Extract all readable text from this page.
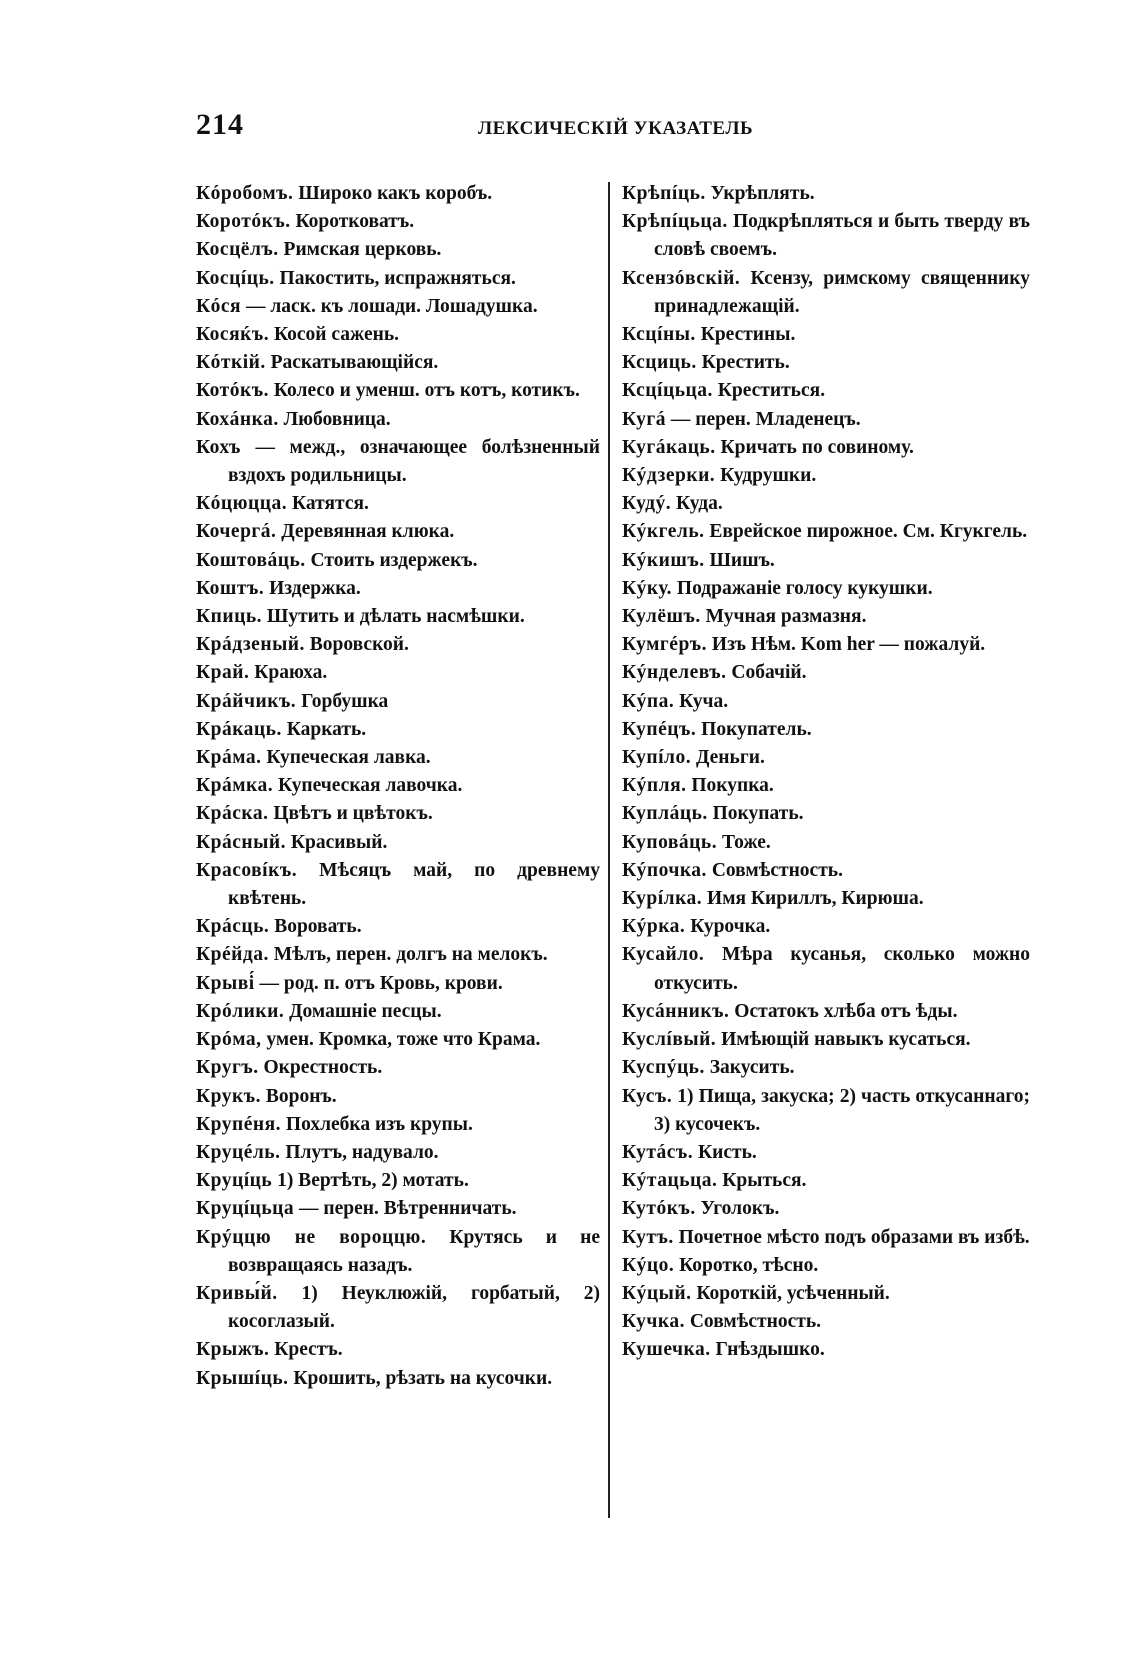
214	ЛЕКСИЧЕСКІЙ УКАЗАТЕЛЬ

Кóробомъ. Широко какъ коробъ.

Коротóкъ. Коротковатъ.

Косцёлъ. Римская церковь.

Косцíць. Пакостить, испражняться.

Кóся — ласк. къ лошади. Лошадушка.

Косяќъ. Косой сажень.

Кóткій. Раскатывающійся.

Котóкъ. Колесо и уменш. отъ котъ, котикъ.

Кохáнка. Любовница.

Кохъ — межд., означающее болѣзненный вздохъ родильницы.

Кóцюцца. Катятся.

Кочергá. Деревянная клюка.

Коштовáць. Стоить издержекъ.

Коштъ. Издержка.

Кпиць. Шутить и дѣлать насмѣшки.

Крáдзеный. Воровской.

Край. Краюха.

Крáйчикъ. Горбушка

Крáкаць. Каркать.

Крáма. Купеческая лавка.

Крáмка. Купеческая лавочка.

Крáска. Цвѣтъ и цвѣтокъ.

Крáсный. Красивый.

Красовíкъ. Мѣсяцъ май, по древнему квѣтень.

Крáсць. Воровать.

Крéйда. Мѣлъ, перен. долгъ на мелокъ.

Крыві́ — род. п. отъ Кровь, крови.

Крóлики. Домашніе песцы.

Крóма, умен. Кромка, тоже что Крама.

Кругъ. Окрестность.

Крукъ. Воронъ.

Крупéня. Похлебка изъ крупы.

Круцéль. Плутъ, надувало.

Круцíць 1) Вертѣть, 2) мотать.

Круцíцьца — перен. Вѣтренничать.

Крýццю не вороццю. Крутясь и не возвращаясь назадъ.

Кривы́й. 1) Неуклюжій, горбатый, 2) косоглазый.

Крыжъ. Крестъ.

Крышíць. Крошить, рѣзать на кусочки.

Крѣпíць. Укрѣплять.

Крѣпíцьца. Подкрѣпляться и быть тверду въ словѣ своемъ.

Ксензóвскій. Ксензу, римскому священнику принадлежащій.

Ксцíны. Крестины.

Ксциць. Крестить.

Ксцíцьца. Креститься.

Кугá — перен. Младенецъ.

Кугáкаць. Кричать по совиному.

Кýдзерки. Кудрушки.

Кудý. Куда.

Кýкгель. Еврейское пирожное. См. Кгукгель.

Кýкишъ. Шишъ.

Кýку. Подражаніе голосу кукушки.

Кулёшъ. Мучная размазня.

Кумгéръ. Изъ Нѣм. Kom her — пожалуй.

Кýнделевъ. Собачій.

Кýпа. Куча.

Купéцъ. Покупатель.

Купíло. Деньги.

Кýпля. Покупка.

Куплáць. Покупать.

Куповáць. Тоже.

Кýпочка. Совмѣстность.

Курíлка. Имя Кириллъ, Кирюша.

Кýрка. Курочка.

Кусайло. Мѣра кусанья, сколько можно откусить.

Кусáнникъ. Остатокъ хлѣба отъ ѣды.

Куслíвый. Имѣющій навыкъ кусаться.

Куспýць. Закусить.

Кусъ. 1) Пища, закуска; 2) часть откусаннаго; 3) кусочекъ.

Кутáсъ. Кисть.

Кýтацьца. Крыться.

Кутóкъ. Уголокъ.

Кутъ. Почетное мѣсто подъ образами въ избѣ.

Кýцо. Коротко, тѣсно.

Кýцый. Короткій, усѣченный.

Кучка. Совмѣстность.

Кушечка. Гнѣздышко.
